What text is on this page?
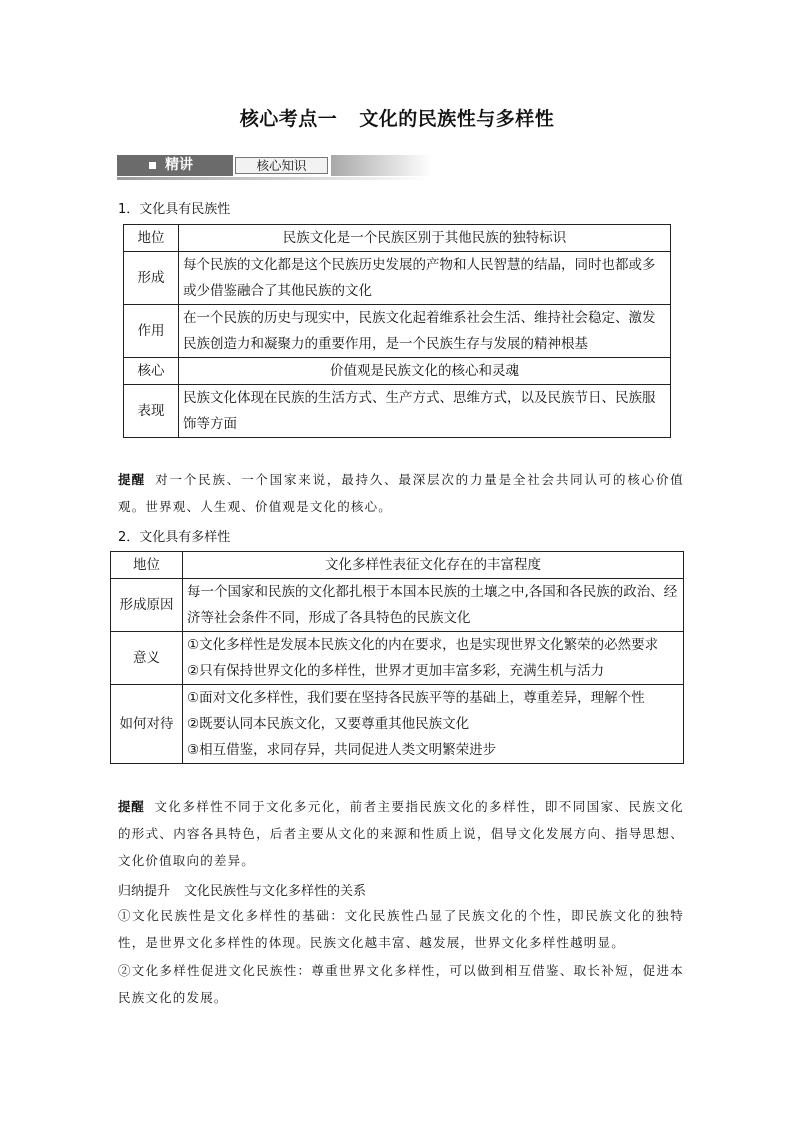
核心考点一 文化的民族性与多样性
精讲	核心知识
1．文化具有民族性
地位	民族文化是一个民族区别于其他民族的独特标识
形成	每个民族的文化都是这个民族历史发展的产物和人民智慧的结晶，同时也都或多或少借鉴融合了其他民族的文化
作用	在一个民族的历史与现实中，民族文化起着维系社会生活、维持社会稳定、激发民族创造力和凝聚力的重要作用，是一个民族生存与发展的精神根基
核心	价值观是民族文化的核心和灵魂
表现	民族文化体现在民族的生活方式、生产方式、思维方式，以及民族节日、民族服饰等方面
提醒 对一个民族、一个国家来说，最持久、最深层次的力量是全社会共同认可的核心价值观。世界观、人生观、价值观是文化的核心。
2．文化具有多样性
地位	文化多样性表征文化存在的丰富程度

形成原因	每一个国家和民族的文化都扎根于本国本民族的土壤之中,各国和各民族的政治、经济等社会条件不同，形成了各具特色的民族文化

意义	①文化多样性是发展本民族文化的内在要求，也是实现世界文化繁荣的必然要求
②只有保持世界文化的多样性，世界才更加丰富多彩，充满生机与活力

如何对待	①面对文化多样性，我们要在坚持各民族平等的基础上，尊重差异，理解个性
②既要认同本民族文化，又要尊重其他民族文化
③相互借鉴，求同存异，共同促进人类文明繁荣进步
提醒 文化多样性不同于文化多元化，前者主要指民族文化的多样性，即不同国家、民族文化的形式、内容各具特色，后者主要从文化的来源和性质上说，倡导文化发展方向、指导思想、文化价值取向的差异。
归纳提升 文化民族性与文化多样性的关系
①文化民族性是文化多样性的基础：文化民族性凸显了民族文化的个性，即民族文化的独特性，是世界文化多样性的体现。民族文化越丰富、越发展，世界文化多样性越明显。
②文化多样性促进文化民族性：尊重世界文化多样性，可以做到相互借鉴、取长补短，促进本民族文化的发展。
